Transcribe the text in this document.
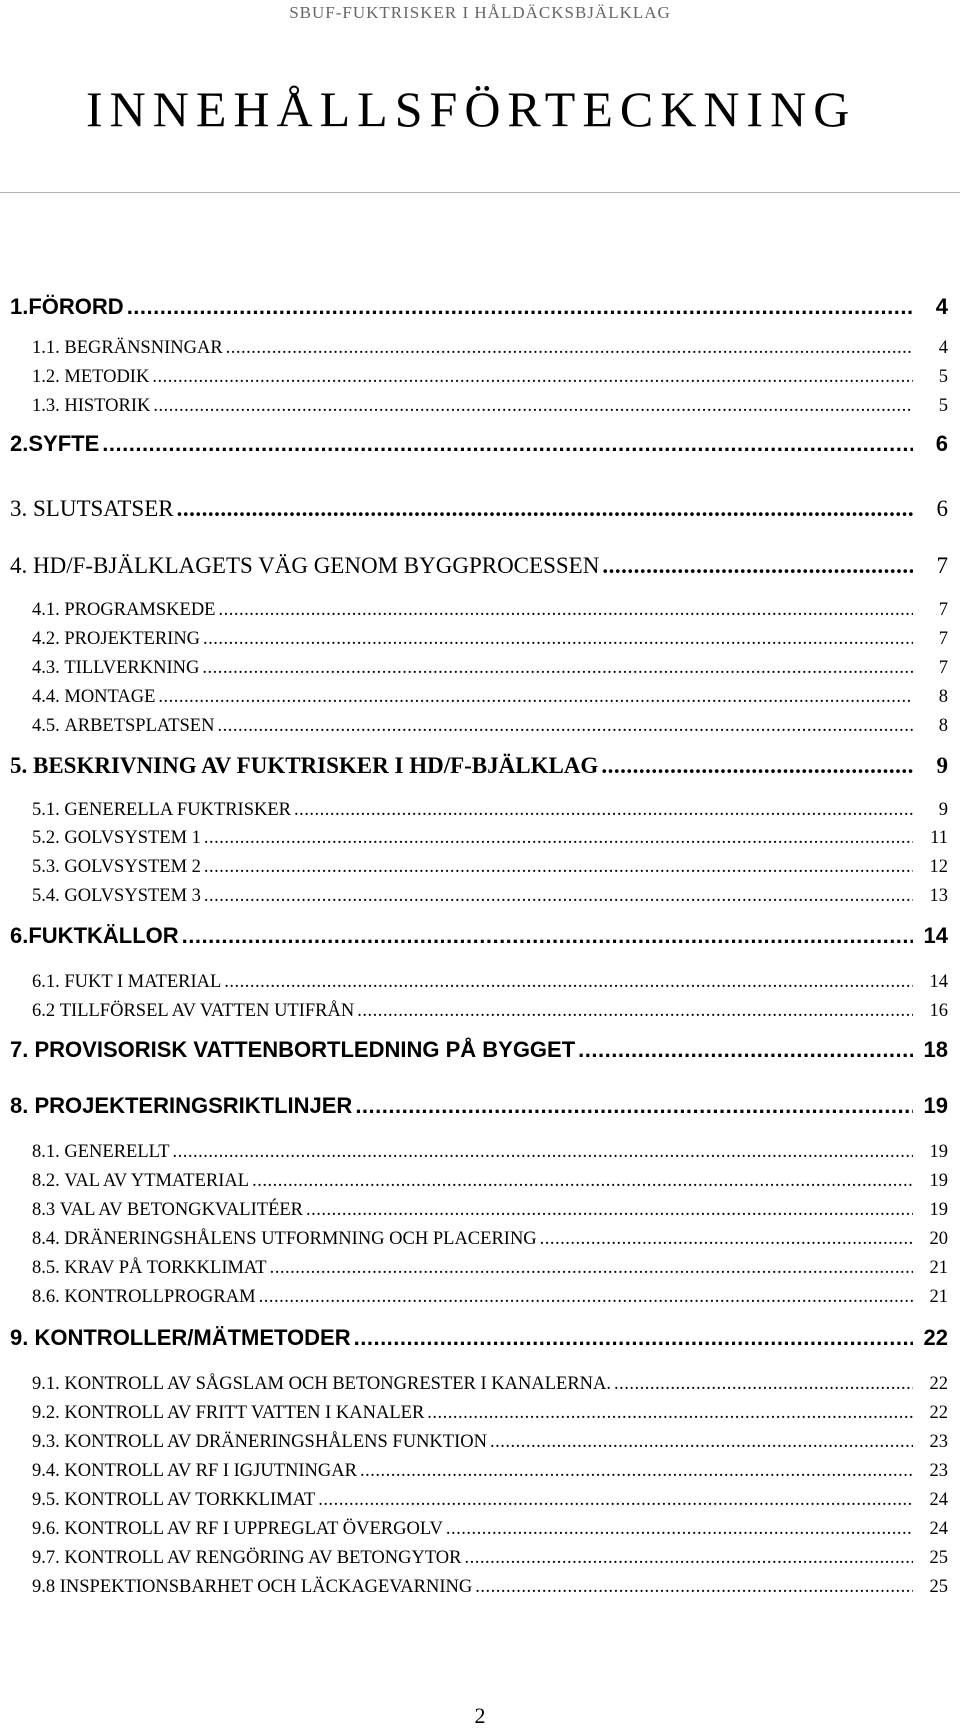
SBUF-FUKTRISKER I HÅLDÄCKSBJÄLKLAG
INNEHÅLLSFÖRTECKNING
1.FÖRORD .....	4
1.1. BEGRÄNSNINGAR .....	4
1.2. METODIK .....	5
1.3. HISTORIK .....	5
2.SYFTE .....	6
3. SLUTSATSER .....	6
4. HD/F-BJÄLKLAGETS VÄG GENOM BYGGPROCESSEN .....	7
4.1. PROGRAMSKEDE .....	7
4.2. PROJEKTERING .....	7
4.3. TILLVERKNING .....	7
4.4. MONTAGE .....	8
4.5. ARBETSPLATSEN .....	8
5. BESKRIVNING AV FUKTRISKER I HD/F-BJÄLKLAG .....	9
5.1. GENERELLA FUKTRISKER .....	9
5.2. GOLVSYSTEM 1 .....	11
5.3. GOLVSYSTEM 2 .....	12
5.4. GOLVSYSTEM 3 .....	13
6.FUKTKÄLLOR .....	14
6.1. FUKT I MATERIAL .....	14
6.2 TILLFÖRSEL AV VATTEN UTIFRÅN .....	16
7. PROVISORISK VATTENBORTLEDNING PÅ BYGGET .....	18
8. PROJEKTERINGSRIKTLINJER .....	19
8.1. GENERELLT .....	19
8.2. VAL AV YTMATERIAL .....	19
8.3 VAL AV BETONGKVALITÉER .....	19
8.4. DRÄNERINGSHÅLENS UTFORMNING OCH PLACERING .....	20
8.5. KRAV PÅ TORKKLIMAT .....	21
8.6. KONTROLLPROGRAM .....	21
9. KONTROLLER/MÄTMETODER .....	22
9.1. KONTROLL AV SÅGSLAM OCH BETONGRESTER I KANALERNA. .....	22
9.2. KONTROLL AV FRITT VATTEN I KANALER .....	22
9.3. KONTROLL AV DRÄNERINGSHÅLENS FUNKTION .....	23
9.4. KONTROLL AV RF I IGJUTNINGAR .....	23
9.5. KONTROLL AV TORKKLIMAT .....	24
9.6. KONTROLL AV RF I UPPREGLAT ÖVERGOLV .....	24
9.7. KONTROLL AV RENGÖRING AV BETONGYTOR .....	25
9.8 INSPEKTIONSBARHET OCH LÄCKAGEVARNING .....	25
2
